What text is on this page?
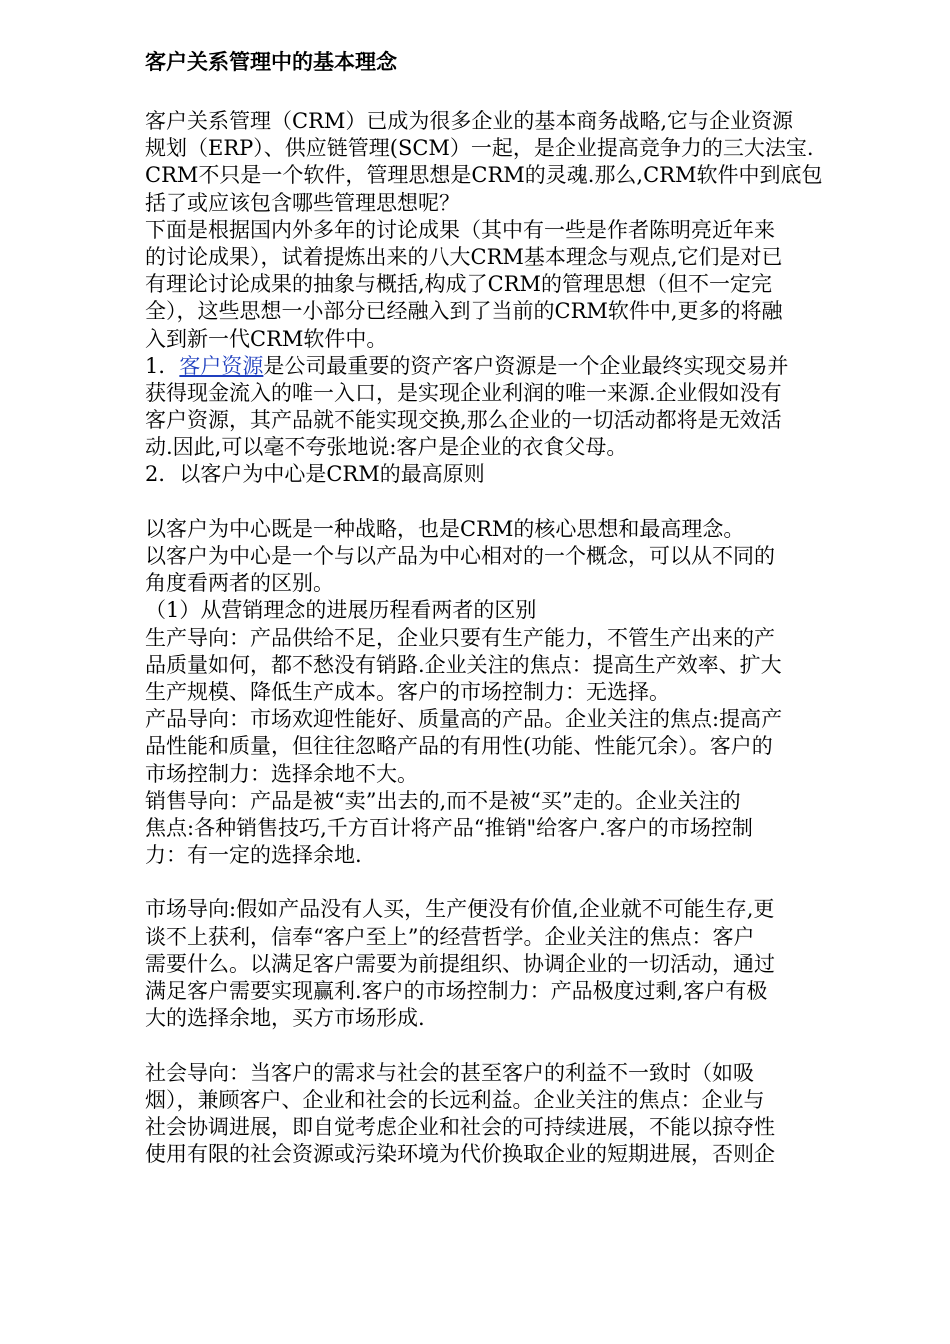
客户关系管理中的基本理念
客户关系管理（CRM）已成为很多企业的基本商务战略,它与企业资源
规划（ERP）、供应链管理(SCM）一起，是企业提高竞争力的三大法宝.
CRM不只是一个软件，管理思想是CRM的灵魂.那么,CRM软件中到底包
括了或应该包含哪些管理思想呢？
下面是根据国内外多年的讨论成果（其中有一些是作者陈明亮近年来
的讨论成果），试着提炼出来的八大CRM基本理念与观点,它们是对已
有理论讨论成果的抽象与概括,构成了CRM的管理思想（但不一定完
全），这些思想一小部分已经融入到了当前的CRM软件中,更多的将融
入到新一代CRM软件中。
1．客户资源是公司最重要的资产客户资源是一个企业最终实现交易并
获得现金流入的唯一入口，是实现企业利润的唯一来源.企业假如没有
客户资源，其产品就不能实现交换,那么企业的一切活动都将是无效活
动.因此,可以毫不夸张地说:客户是企业的衣食父母。
2．以客户为中心是CRM的最高原则
以客户为中心既是一种战略，也是CRM的核心思想和最高理念。
以客户为中心是一个与以产品为中心相对的一个概念，可以从不同的
角度看两者的区别。
（1）从营销理念的进展历程看两者的区别
生产导向：产品供给不足，企业只要有生产能力，不管生产出来的产
品质量如何，都不愁没有销路.企业关注的焦点：提高生产效率、扩大
生产规模、降低生产成本。客户的市场控制力：无选择。
产品导向：市场欢迎性能好、质量高的产品。企业关注的焦点:提高产
品性能和质量，但往往忽略产品的有用性(功能、性能冗余）。客户的
市场控制力：选择余地不大。
销售导向：产品是被“卖”出去的,而不是被“买”走的。企业关注的
焦点:各种销售技巧,千方百计将产品“推销"给客户.客户的市场控制
力：有一定的选择余地.
市场导向:假如产品没有人买，生产便没有价值,企业就不可能生存,更
谈不上获利，信奉“客户至上”的经营哲学。企业关注的焦点：客户
需要什么。以满足客户需要为前提组织、协调企业的一切活动，通过
满足客户需要实现赢利.客户的市场控制力：产品极度过剩,客户有极
大的选择余地，买方市场形成.
社会导向：当客户的需求与社会的甚至客户的利益不一致时（如吸
烟），兼顾客户、企业和社会的长远利益。企业关注的焦点：企业与
社会协调进展，即自觉考虑企业和社会的可持续进展，不能以掠夺性
使用有限的社会资源或污染环境为代价换取企业的短期进展，否则企
